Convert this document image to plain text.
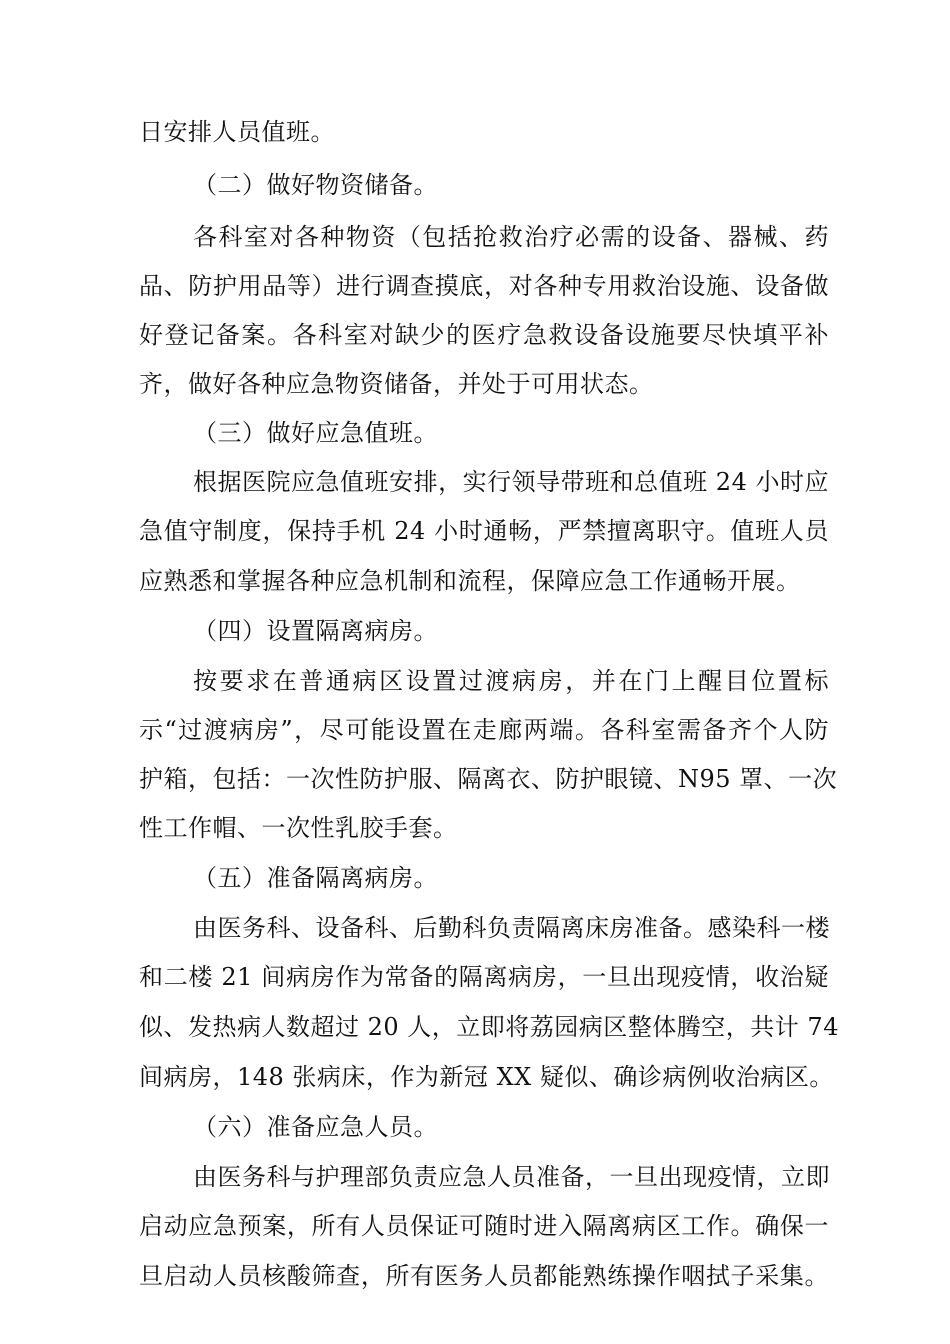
日安排人员值班。
（二）做好物资储备。
各科室对各种物资（包括抢救治疗必需的设备、器械、药
品、防护用品等）进行调查摸底，对各种专用救治设施、设备做
好登记备案。各科室对缺少的医疗急救设备设施要尽快填平补
齐，做好各种应急物资储备，并处于可用状态。
（三）做好应急值班。
根据医院应急值班安排，实行领导带班和总值班 24 小时应
急值守制度，保持手机 24 小时通畅，严禁擅离职守。值班人员
应熟悉和掌握各种应急机制和流程，保障应急工作通畅开展。
（四）设置隔离病房。
按要求在普通病区设置过渡病房，并在门上醒目位置标
示“过渡病房”，尽可能设置在走廊两端。各科室需备齐个人防
护箱，包括：一次性防护服、隔离衣、防护眼镜、N95 罩、一次
性工作帽、一次性乳胶手套。
（五）准备隔离病房。
由医务科、设备科、后勤科负责隔离床房准备。感染科一楼
和二楼 21 间病房作为常备的隔离病房，一旦出现疫情，收治疑
似、发热病人数超过 20 人，立即将荔园病区整体腾空，共计 74
间病房，148 张病床，作为新冠 XX 疑似、确诊病例收治病区。
（六）准备应急人员。
由医务科与护理部负责应急人员准备，一旦出现疫情，立即
启动应急预案，所有人员保证可随时进入隔离病区工作。确保一
旦启动人员核酸筛查，所有医务人员都能熟练操作咽拭子采集。
